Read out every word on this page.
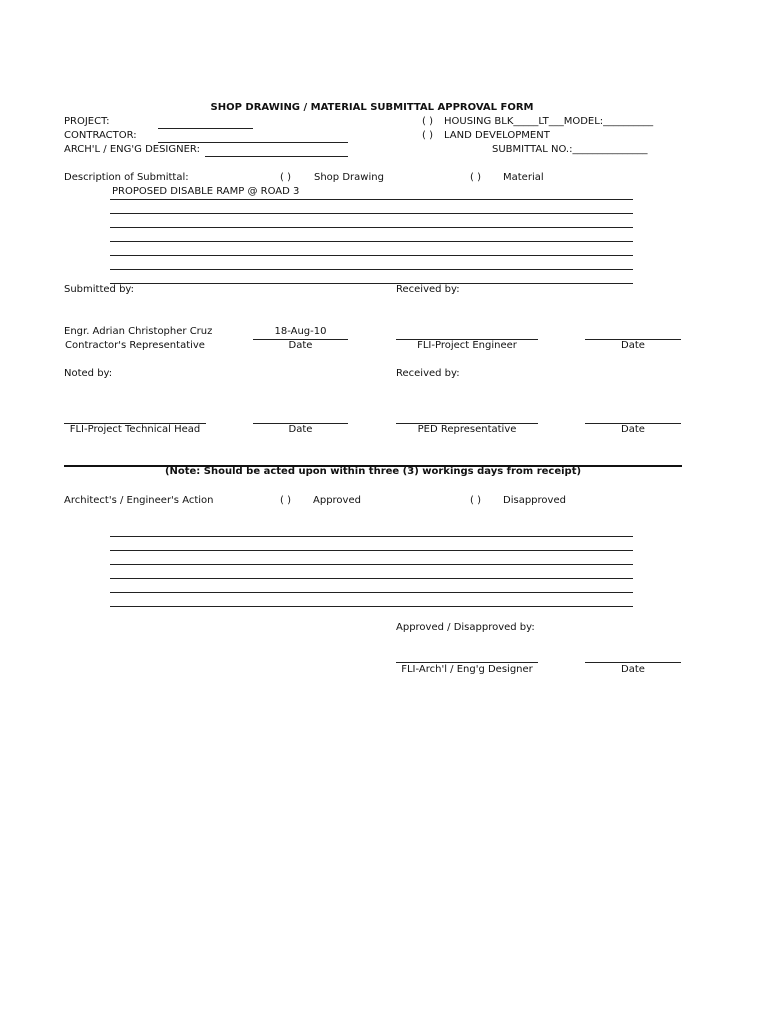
SHOP DRAWING / MATERIAL SUBMITTAL APPROVAL FORM
PROJECT:
CONTRACTOR:
ARCH'L / ENG'G DESIGNER:
( ) HOUSING BLK_____LT___MODEL:__________
( ) LAND DEVELOPMENT
SUBMITTAL NO.:_______________
Description of Submittal:	( ) Shop Drawing	( ) Material
PROPOSED DISABLE RAMP @ ROAD 3
Submitted by:	Received by:
Engr. Adrian Christopher Cruz	18-Aug-10
Contractor's Representative	Date	FLI-Project Engineer	Date
Noted by:	Received by:
FLI-Project Technical Head	Date	PED Representative	Date
(Note: Should be acted upon within three (3) workings days from receipt)
Architect's / Engineer's Action	( ) Approved	( ) Disapproved
Approved / Disapproved by:
FLI-Arch'l / Eng'g Designer	Date
